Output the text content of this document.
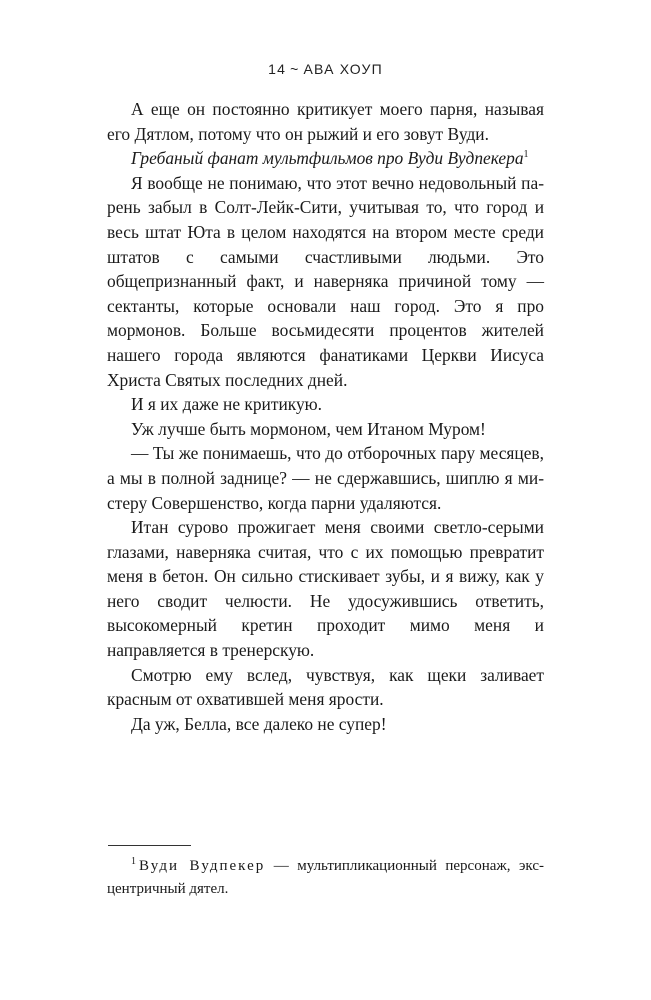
14 ~ АВА ХОУП

А еще он постоянно критикует моего парня, называя его Дятлом, потому что он рыжий и его зовут Вуди.

Гребаный фанат мультфильмов про Вуди Вудпекера$^1$

Я вообще не понимаю, что этот вечно недовольный парень забыл в Солт-Лейк-Сити, учитывая то, что город и весь штат Юта в целом находятся на втором месте среди штатов с самыми счастливыми людьми. Это общепризнанный факт, и наверняка причиной тому — сектанты, которые основали наш город. Это я про мормонов. Больше восьмидесяти процентов жителей нашего города являются фанатиками Церкви Иисуса Христа Святых последних дней.

И я их даже не критикую.

Уж лучше быть мормоном, чем Итаном Муром!

— Ты же понимаешь, что до отборочных пару месяцев, а мы в полной заднице? — не сдержавшись, шиплю я мистеру Совершенство, когда парни удаляются.

Итан сурово прожигает меня своими светло-серыми глазами, наверняка считая, что с их помощью превратит меня в бетон. Он сильно стискивает зубы, и я вижу, как у него сводит челюсти. Не удосужившись ответить, высокомерный кретин проходит мимо меня и направляется в тренерскую.

Смотрю ему вслед, чувствуя, как щеки заливает красным от охватившей меня ярости.

Да уж, Белла, все далеко не супер!

$^1$ Вуди Вудпекер — мультипликационный персонаж, эксцентричный дятел.
